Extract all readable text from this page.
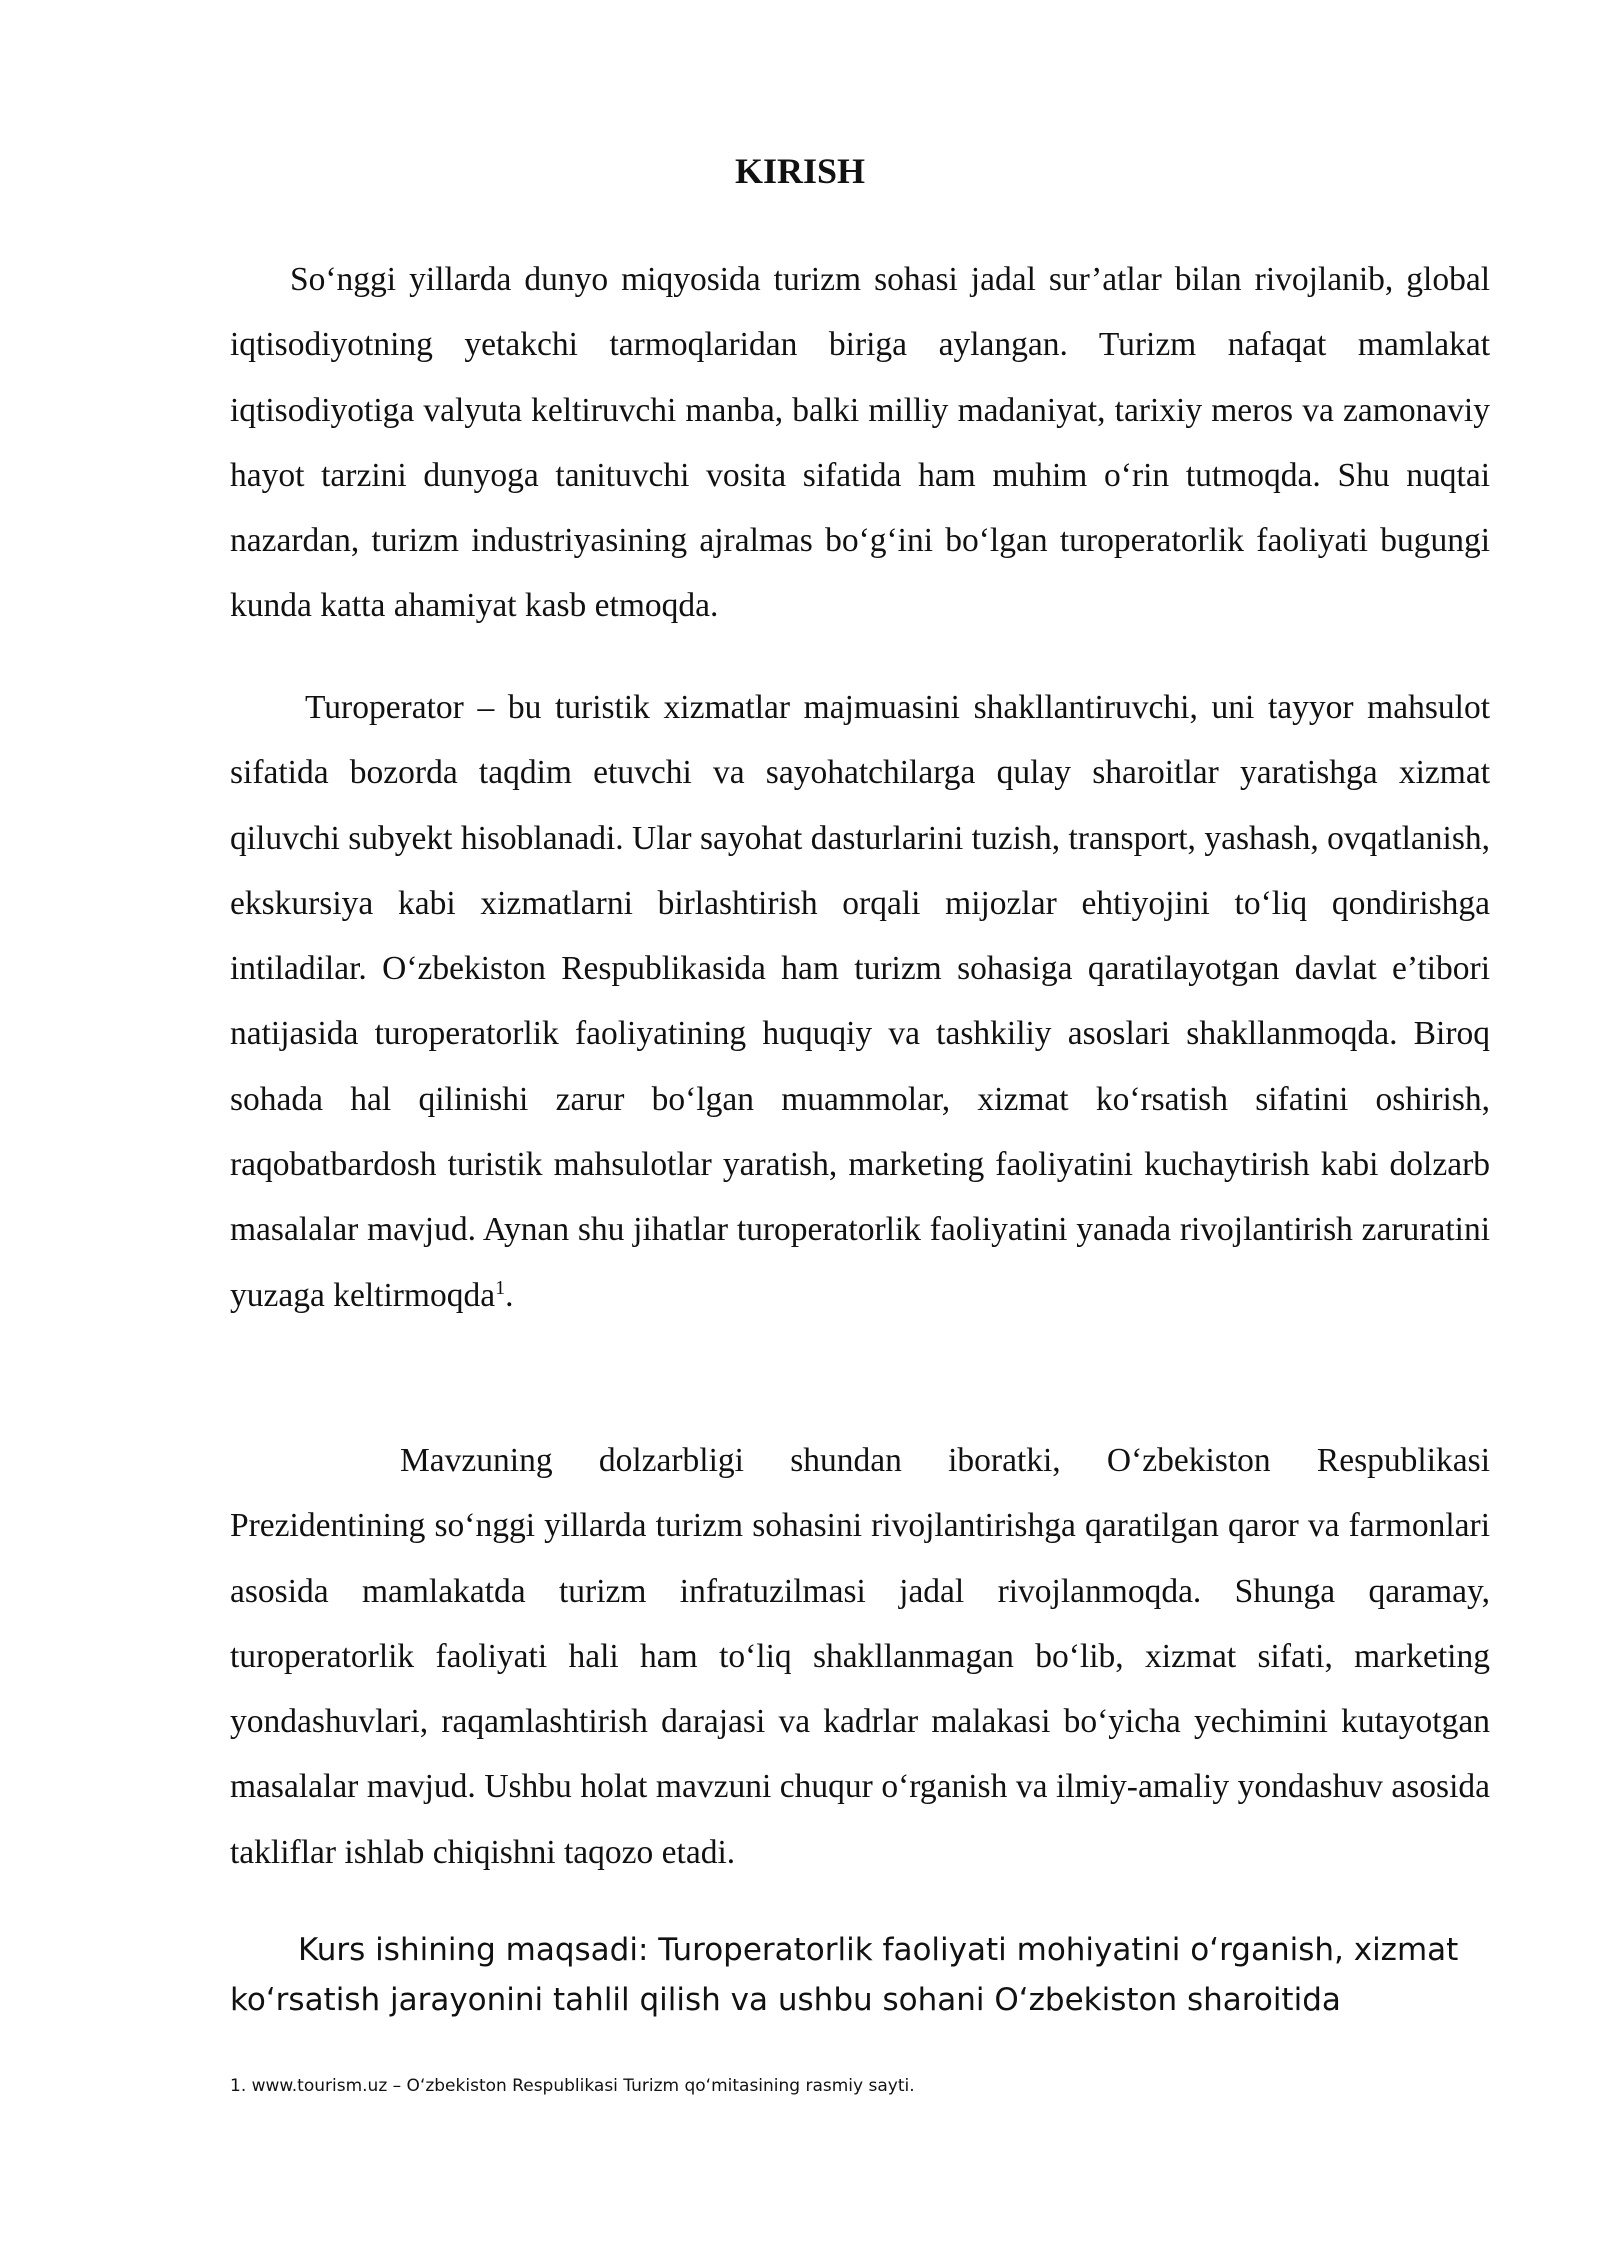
KIRISH

So‘nggi yillarda dunyo miqyosida turizm sohasi jadal sur’atlar bilan rivojlanib, global iqtisodiyotning yetakchi tarmoqlaridan biriga aylangan. Turizm nafaqat mamlakat iqtisodiyotiga valyuta keltiruvchi manba, balki milliy madaniyat, tarixiy meros va zamonaviy hayot tarzini dunyoga tanituvchi vosita sifatida ham muhim o‘rin tutmoqda. Shu nuqtai nazardan, turizm industriyasining ajralmas bo‘g‘ini bo‘lgan turoperatorlik faoliyati bugungi kunda katta ahamiyat kasb etmoqda.

Turoperator – bu turistik xizmatlar majmuasini shakllantiruvchi, uni tayyor mahsulot sifatida bozorda taqdim etuvchi va sayohatchilarga qulay sharoitlar yaratishga xizmat qiluvchi subyekt hisoblanadi. Ular sayohat dasturlarini tuzish, transport, yashash, ovqatlanish, ekskursiya kabi xizmatlarni birlashtirish orqali mijozlar ehtiyojini to‘liq qondirishga intiladilar. O‘zbekiston Respublikasida ham turizm sohasiga qaratilayotgan davlat e’tibori natijasida turoperatorlik faoliyatining huquqiy va tashkiliy asoslari shakllanmoqda. Biroq sohada hal qilinishi zarur bo‘lgan muammolar, xizmat ko‘rsatish sifatini oshirish, raqobatbardosh turistik mahsulotlar yaratish, marketing faoliyatini kuchaytirish kabi dolzarb masalalar mavjud. Aynan shu jihatlar turoperatorlik faoliyatini yanada rivojlantirish zaruratini yuzaga keltirmoqda$^1$.

Mavzuning dolzarbligi shundan iboratki, O‘zbekiston Respublikasi Prezidentining so‘nggi yillarda turizm sohasini rivojlantirishga qaratilgan qaror va farmonlari asosida mamlakatda turizm infratuzilmasi jadal rivojlanmoqda. Shunga qaramay, turoperatorlik faoliyati hali ham to‘liq shakllanmagan bo‘lib, xizmat sifati, marketing yondashuvlari, raqamlashtirish darajasi va kadrlar malakasi bo‘yicha yechimini kutayotgan masalalar mavjud. Ushbu holat mavzuni chuqur o‘rganish va ilmiy-amaliy yondashuv asosida takliflar ishlab chiqishni taqozo etadi.

Kurs ishining maqsadi: Turoperatorlik faoliyati mohiyatini oʻrganish, xizmat koʻrsatish jarayonini tahlil qilish va ushbu sohani Oʻzbekiston sharoitida

1. www.tourism.uz – Oʻzbekiston Respublikasi Turizm qoʻmitasining rasmiy sayti.
